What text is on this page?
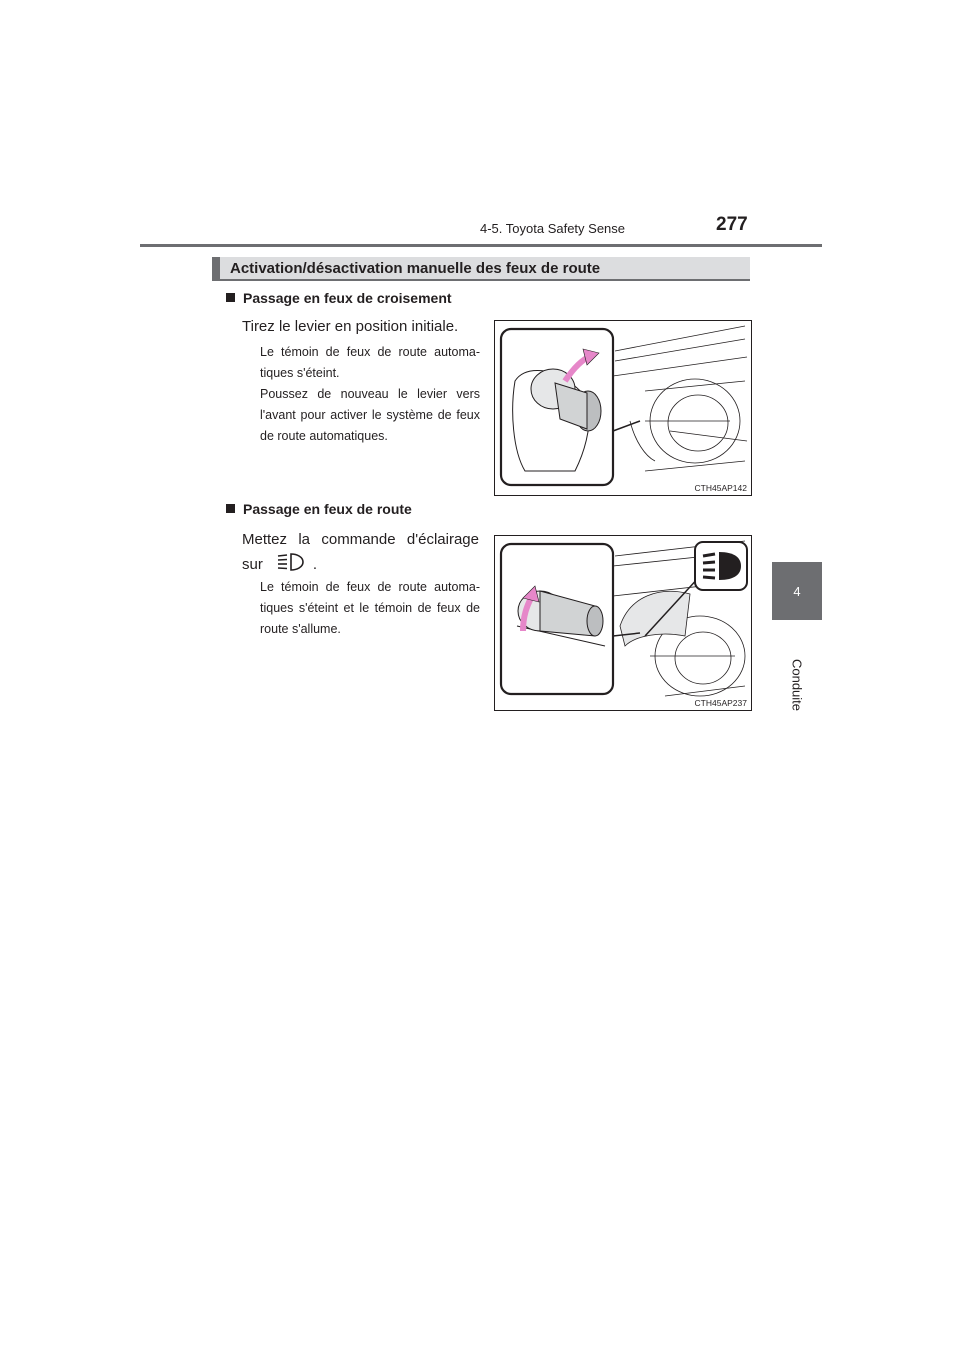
4-5. Toyota Safety Sense	277
4
Conduite
Activation/désactivation manuelle des feux de route
Passage en feux de croisement
Tirez le levier en position initiale.
Le témoin de feux de route automa-tiques s'éteint.
Poussez de nouveau le levier vers l'avant pour activer le système de feux de route automatiques.
CTH45AP142
Passage en feux de route
Mettez la commande d'éclairage
sur	.
Le témoin de feux de route automa-tiques s'éteint et le témoin de feux de route s'allume.
CTH45AP237
